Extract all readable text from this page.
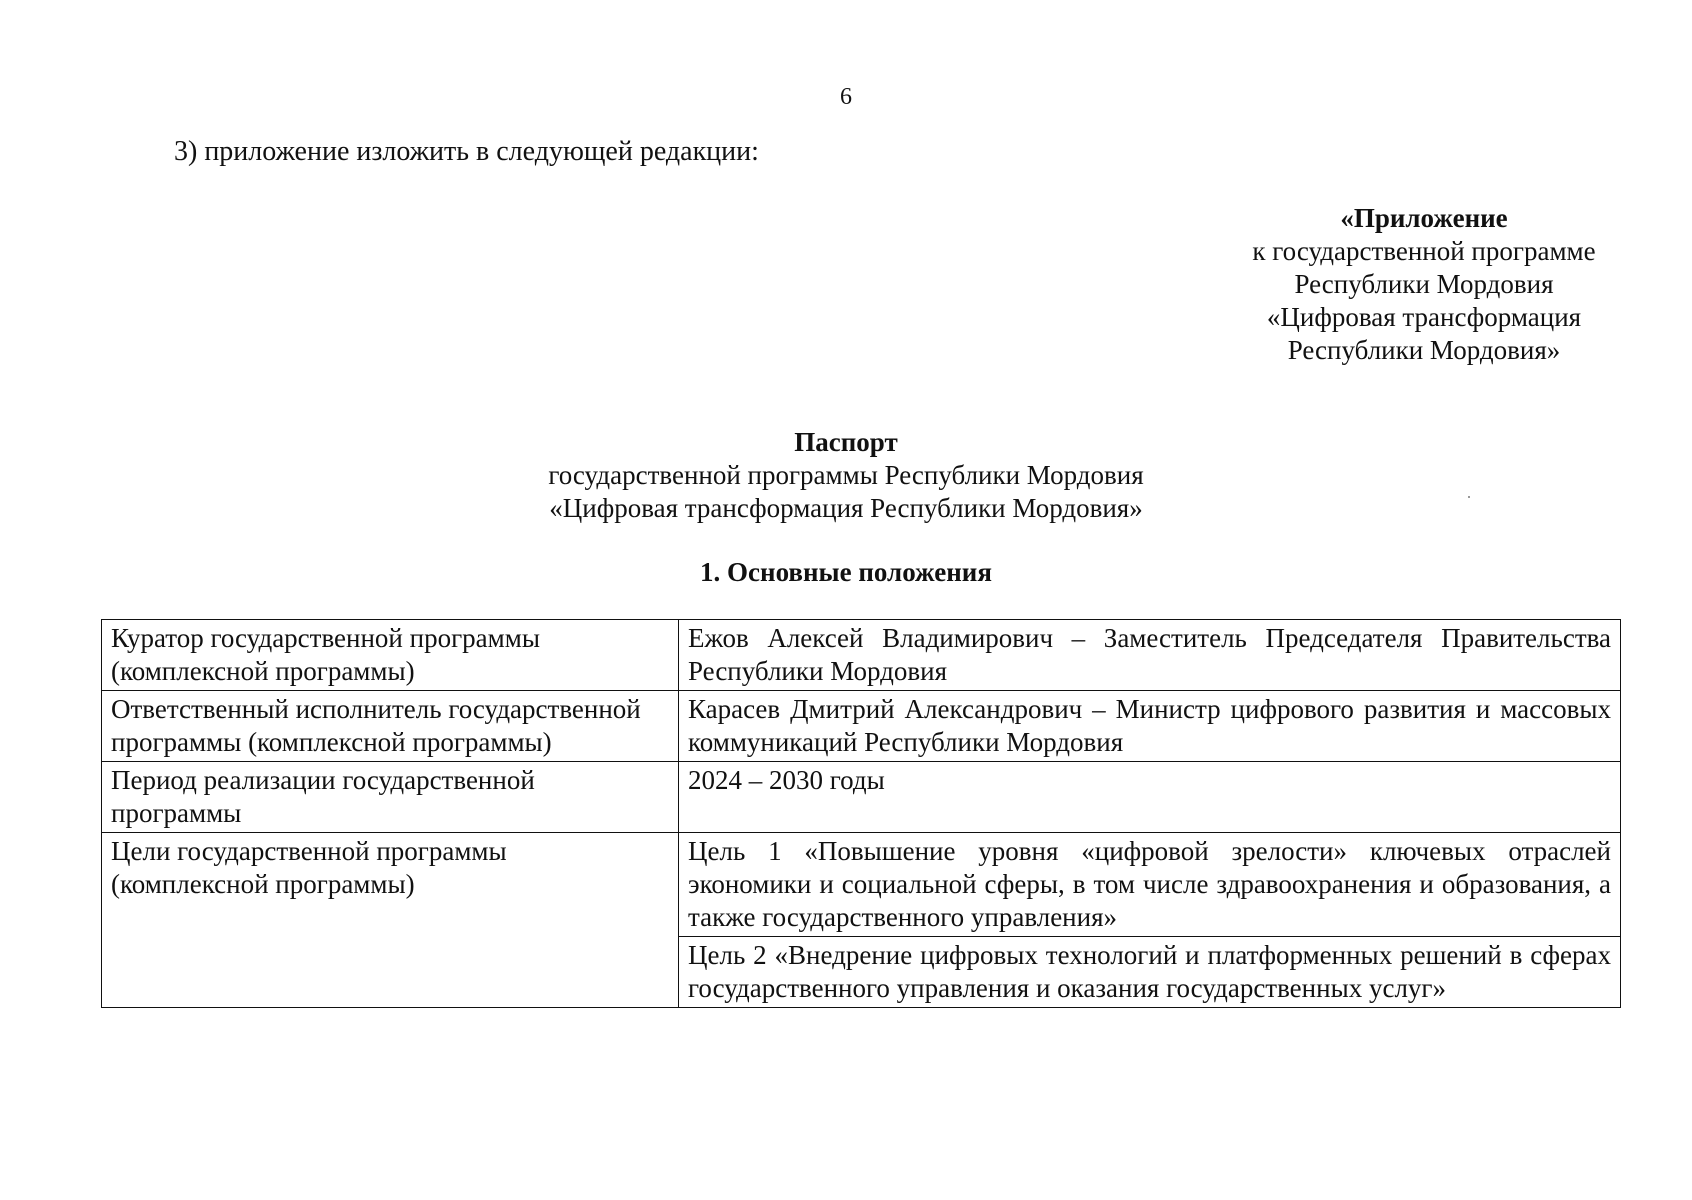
6
3) приложение изложить в следующей редакции:
«Приложение
к государственной программе
Республики Мордовия
«Цифровая трансформация
Республики Мордовия»
Паспорт
государственной программы Республики Мордовия
«Цифровая трансформация Республики Мордовия»
1. Основные положения
Куратор государственной программы (комплексной программы)	Ежов Алексей Владимирович – Заместитель Председателя Правительства Республики Мордовия
Ответственный исполнитель государственной программы (комплексной программы)	Карасев Дмитрий Александрович – Министр цифрового развития и массовых коммуникаций Республики Мордовия
Период реализации государственной программы	2024 – 2030 годы
Цели государственной программы (комплексной программы)	Цель 1 «Повышение уровня «цифровой зрелости» ключевых отраслей экономики и социальной сферы, в том числе здравоохранения и образования, а также государственного управления»
	Цель 2 «Внедрение цифровых технологий и платформенных решений в сферах государственного управления и оказания государственных услуг»
